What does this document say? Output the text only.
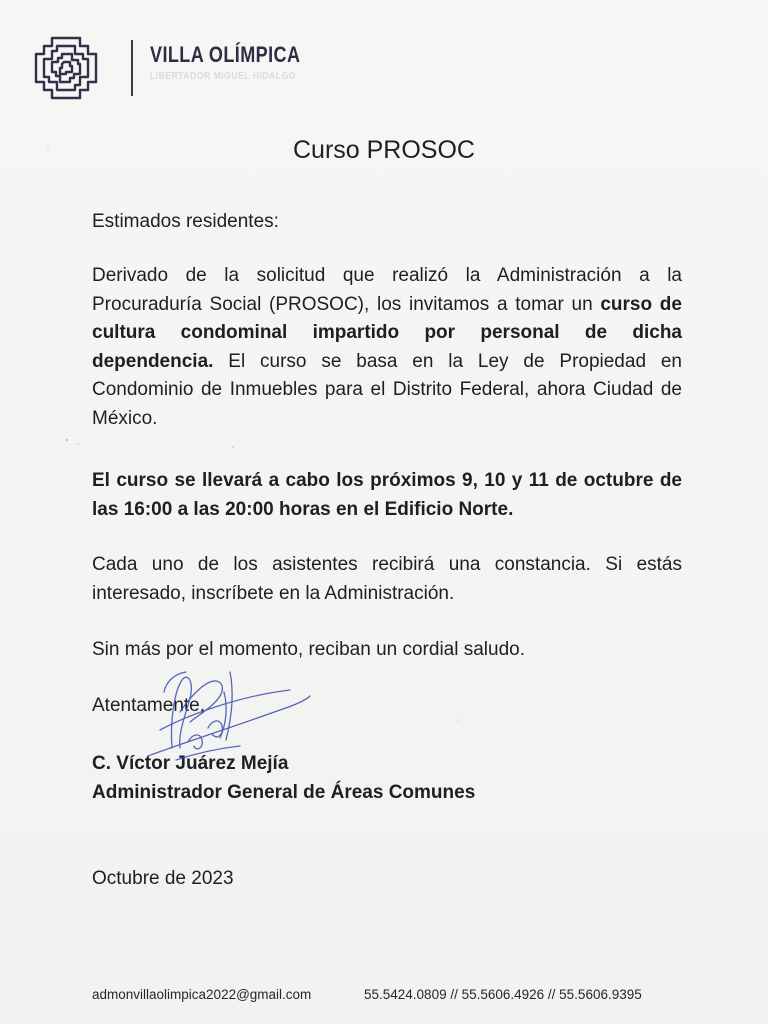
VILLA OLÍMPICA
LIBERTADOR MIGUEL HIDALGO
Curso PROSOC
Estimados residentes:
Derivado de la solicitud que realizó la Administración a la Procuraduría Social (PROSOC), los invitamos a tomar un curso de cultura condominal impartido por personal de dicha dependencia. El curso se basa en la Ley de Propiedad en Condominio de Inmuebles para el Distrito Federal, ahora Ciudad de México.
El curso se llevará a cabo los próximos 9, 10 y 11 de octubre de las 16:00 a las 20:00 horas en el Edificio Norte.
Cada uno de los asistentes recibirá una constancia. Si estás interesado, inscríbete en la Administración.
Sin más por el momento, reciban un cordial saludo.
Atentamente,
C. Víctor Juárez Mejía
Administrador General de Áreas Comunes
Octubre de 2023
admonvillaolimpica2022@gmail.com	55.5424.0809 // 55.5606.4926 // 55.5606.9395
